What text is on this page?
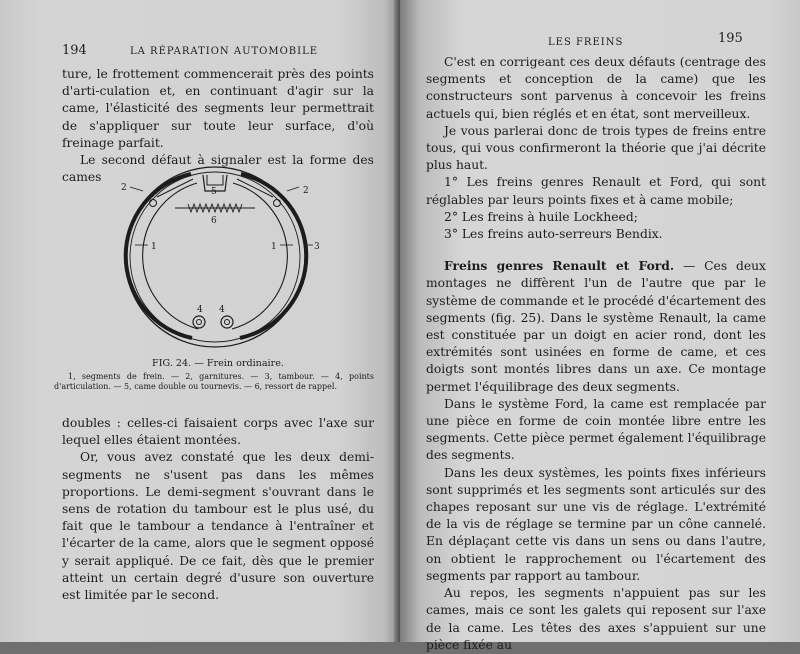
194	LA RÉPARATION AUTOMOBILE

ture, le frottement commencerait près des points d'arti-culation et, en continuant d'agir sur la came, l'élasticité des segments leur permettrait de s'appliquer sur toute leur surface, d'où freinage parfait.

Le second défaut à signaler est la forme des cames

2	2
5
6
1	1	3
4 4
FIG. 24. — Frein ordinaire.

1, segments de frein. — 2, garnitures. — 3, tambour. — 4, points d'articulation. — 5, came double ou tournevis. — 6, ressort de rappel.

doubles : celles-ci faisaient corps avec l'axe sur lequel elles étaient montées.

Or, vous avez constaté que les deux demi-segments ne s'usent pas dans les mêmes proportions. Le demi-segment s'ouvrant dans le sens de rotation du tambour est le plus usé, du fait que le tambour a tendance à l'entraîner et l'écarter de la came, alors que le segment opposé y serait appliqué. De ce fait, dès que le premier atteint un certain degré d'usure son ouverture est limitée par le second.

LES FREINS	195

C'est en corrigeant ces deux défauts (centrage des segments et conception de la came) que les constructeurs sont parvenus à concevoir les freins actuels qui, bien réglés et en état, sont merveilleux.

Je vous parlerai donc de trois types de freins entre tous, qui vous confirmeront la théorie que j'ai décrite plus haut.

1° Les freins genres Renault et Ford, qui sont réglables par leurs points fixes et à came mobile;

2° Les freins à huile Lockheed;

3° Les freins auto-serreurs Bendix.

Freins genres Renault et Ford. — Ces deux montages ne diffèrent l'un de l'autre que par le système de commande et le procédé d'écartement des segments (fig. 25). Dans le système Renault, la came est constituée par un doigt en acier rond, dont les extrémités sont usinées en forme de came, et ces doigts sont montés libres dans un axe. Ce montage permet l'équilibrage des deux segments.

Dans le système Ford, la came est remplacée par une pièce en forme de coin montée libre entre les segments. Cette pièce permet également l'équilibrage des segments.

Dans les deux systèmes, les points fixes inférieurs sont supprimés et les segments sont articulés sur des chapes reposant sur une vis de réglage. L'extrémité de la vis de réglage se termine par un cône cannelé. En déplaçant cette vis dans un sens ou dans l'autre, on obtient le rapprochement ou l'écartement des segments par rapport au tambour.

Au repos, les segments n'appuient pas sur les cames, mais ce sont les galets qui reposent sur l'axe de la came. Les têtes des axes s'appuient sur une pièce fixée au
